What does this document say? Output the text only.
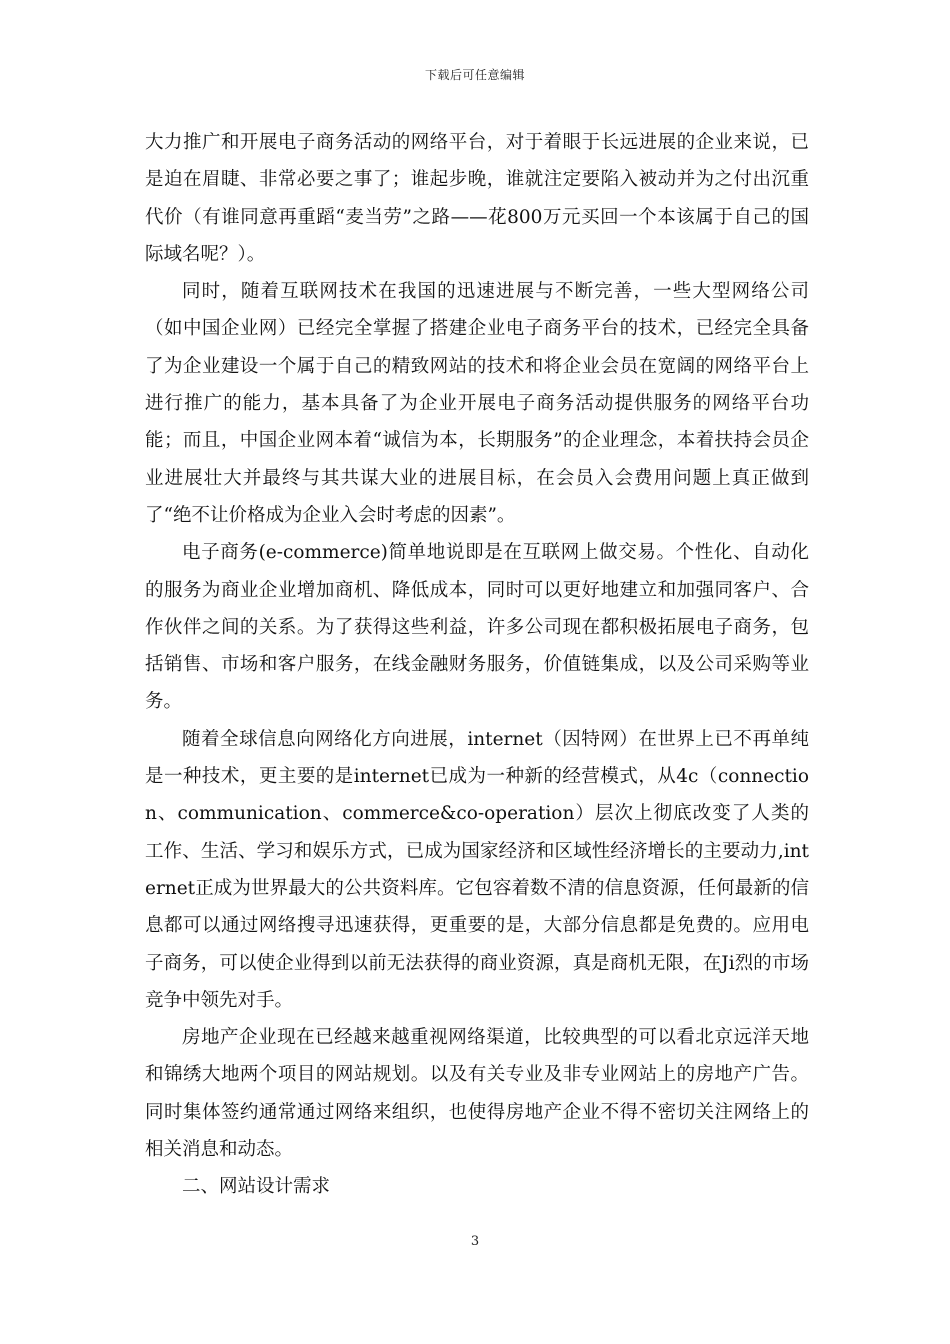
下载后可任意编辑

大力推广和开展电子商务活动的网络平台，对于着眼于长远进展的企业来说，已是迫在眉睫、非常必要之事了；谁起步晚，谁就注定要陷入被动并为之付出沉重代价（有谁同意再重蹈“麦当劳”之路——花800万元买回一个本该属于自己的国际域名呢？）。

同时，随着互联网技术在我国的迅速进展与不断完善，一些大型网络公司（如中国企业网）已经完全掌握了搭建企业电子商务平台的技术，已经完全具备了为企业建设一个属于自己的精致网站的技术和将企业会员在宽阔的网络平台上进行推广的能力，基本具备了为企业开展电子商务活动提供服务的网络平台功能；而且，中国企业网本着“诚信为本，长期服务”的企业理念，本着扶持会员企业进展壮大并最终与其共谋大业的进展目标，在会员入会费用问题上真正做到了“绝不让价格成为企业入会时考虑的因素”。

电子商务(e-commerce)简单地说即是在互联网上做交易。个性化、自动化的服务为商业企业增加商机、降低成本，同时可以更好地建立和加强同客户、合作伙伴之间的关系。为了获得这些利益，许多公司现在都积极拓展电子商务，包括销售、市场和客户服务，在线金融财务服务，价值链集成，以及公司采购等业务。

随着全球信息向网络化方向进展，internet（因特网）在世界上已不再单纯是一种技术，更主要的是internet已成为一种新的经营模式，从4c（connection、communication、commerce&co-operation）层次上彻底改变了人类的工作、生活、学习和娱乐方式，已成为国家经济和区域性经济增长的主要动力,internet正成为世界最大的公共资料库。它包容着数不清的信息资源，任何最新的信息都可以通过网络搜寻迅速获得，更重要的是，大部分信息都是免费的。应用电子商务，可以使企业得到以前无法获得的商业资源，真是商机无限，在Ji烈的市场竞争中领先对手。

房地产企业现在已经越来越重视网络渠道，比较典型的可以看北京远洋天地和锦绣大地两个项目的网站规划。以及有关专业及非专业网站上的房地产广告。同时集体签约通常通过网络来组织，也使得房地产企业不得不密切关注网络上的相关消息和动态。

二、网站设计需求

3
